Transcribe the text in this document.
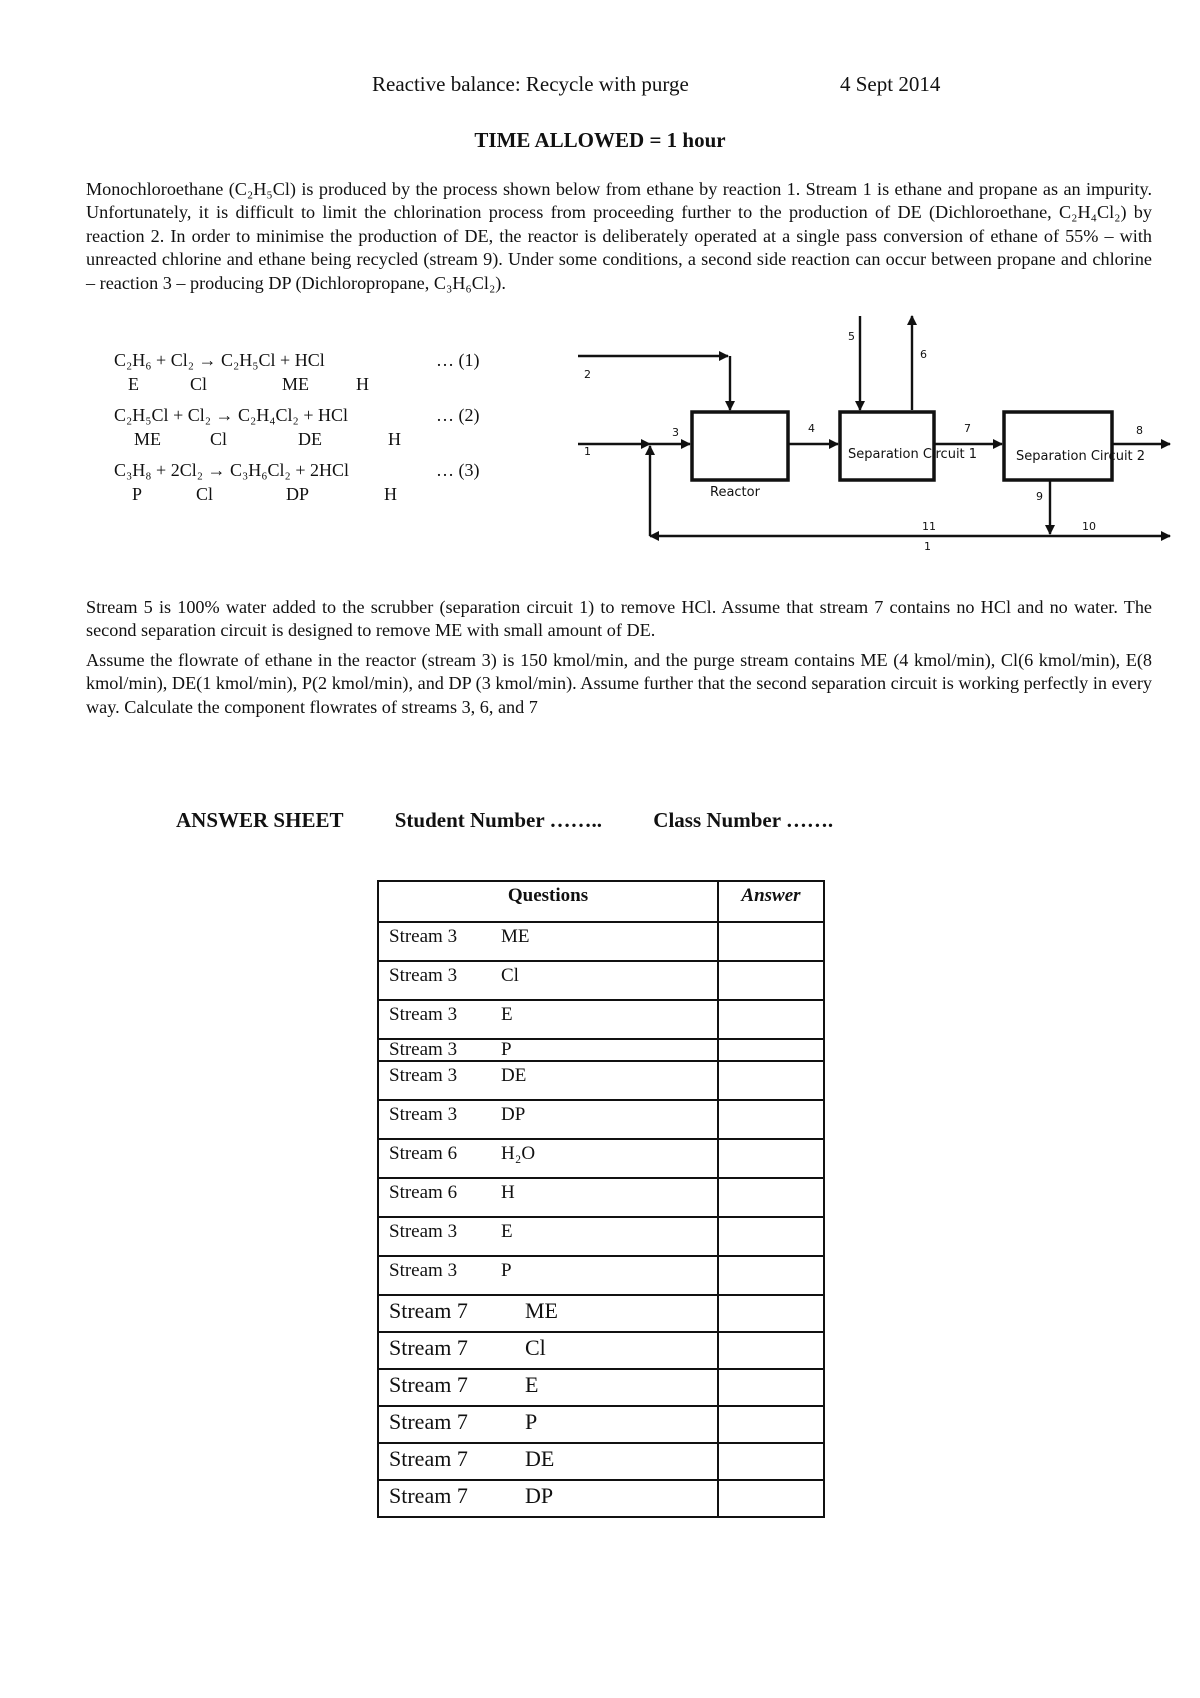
Reactive balance: Recycle with purge	4 Sept 2014
TIME ALLOWED = 1 hour

Monochloroethane (C₂H₅Cl) is produced by the process shown below from ethane by reaction 1. Stream 1 is ethane and propane as an impurity. Unfortunately, it is difficult to limit the chlorination process from proceeding further to the production of DE (Dichloroethane, C₂H₄Cl₂) by reaction 2. In order to minimise the production of DE, the reactor is deliberately operated at a single pass conversion of ethane of 55% – with unreacted chlorine and ethane being recycled (stream 9). Under some conditions, a second side reaction can occur between propane and chlorine – reaction 3 – producing DP (Dichloropropane, C₃H₆Cl₂).

C₂H₆ + Cl₂ → C₂H₅Cl + HCl	… (1)
E	Cl	ME	H
C₂H₅Cl + Cl₂ → C₂H₄Cl₂ + HCl	… (2)
ME	Cl	DE	H
C₃H₈ + 2Cl₂ → C₃H₆Cl₂ + 2HCl	… (3)
P	Cl	DP	H
2
1
3	4
5
6
7	8
9
10
11
1
Reactor
Separation Circuit 1	Separation Circuit 2

Stream 5 is 100% water added to the scrubber (separation circuit 1) to remove HCl. Assume that stream 7 contains no HCl and no water. The second separation circuit is designed to remove ME with small amount of DE.

Assume the flowrate of ethane in the reactor (stream 3) is 150 kmol/min, and the purge stream contains ME (4 kmol/min), Cl(6 kmol/min), E(8 kmol/min), DE(1 kmol/min), P(2 kmol/min), and DP (3 kmol/min). Assume further that the second separation circuit is working perfectly in every way. Calculate the component flowrates of streams 3, 6, and 7

ANSWER SHEET Student Number …….. Class Number …….
Questions	Answer
Stream 3 ME	
Stream 3 Cl	
Stream 3 E	
Stream 3 P	
Stream 3 DE	
Stream 3 DP	
Stream 6 H₂O	
Stream 6 H	
Stream 3 E	
Stream 3 P	
Stream 7 ME	
Stream 7 Cl	
Stream 7 E	
Stream 7 P	
Stream 7 DE	
Stream 7 DP	
